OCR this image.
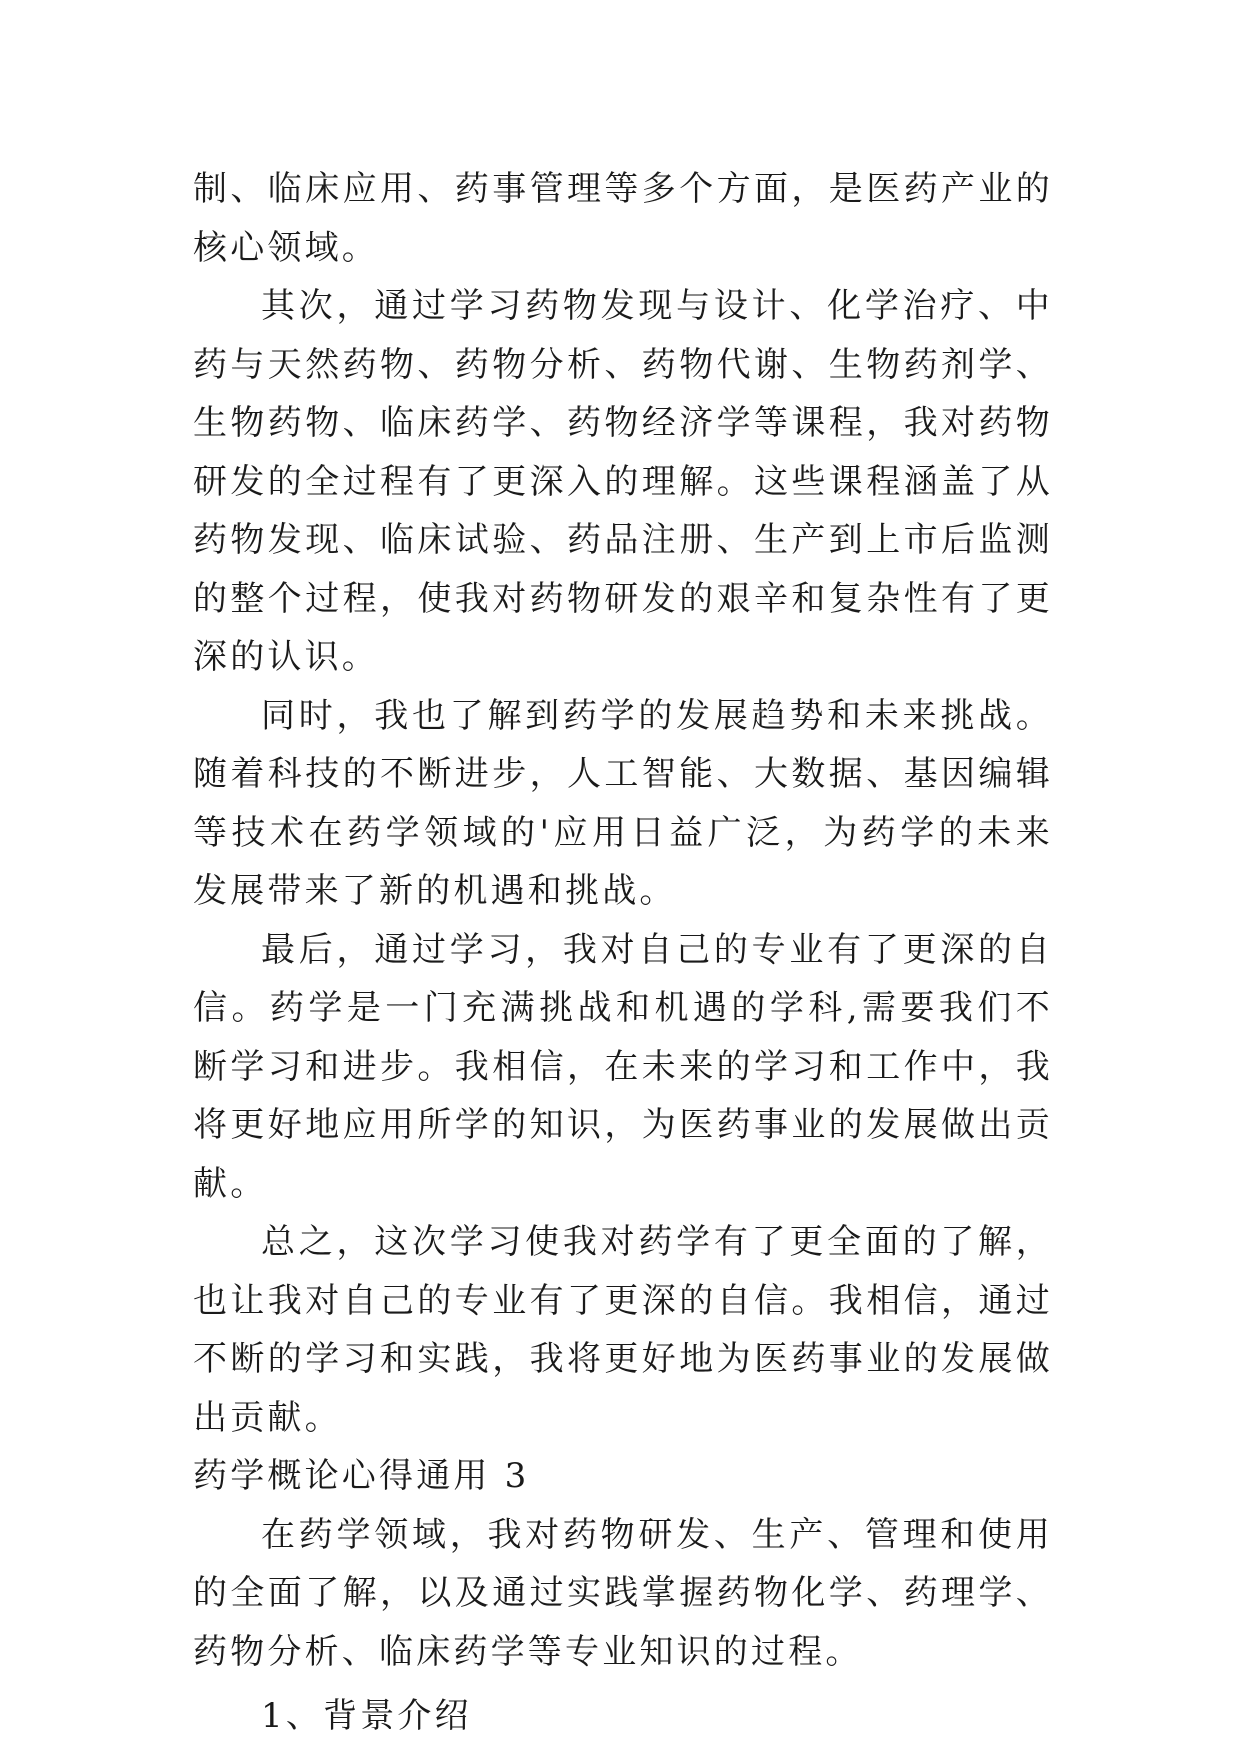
制、临床应用、药事管理等多个方面，是医药产业的核心领域。

其次，通过学习药物发现与设计、化学治疗、中药与天然药物、药物分析、药物代谢、生物药剂学、生物药物、临床药学、药物经济学等课程，我对药物研发的全过程有了更深入的理解。这些课程涵盖了从药物发现、临床试验、药品注册、生产到上市后监测的整个过程，使我对药物研发的艰辛和复杂性有了更深的认识。

同时，我也了解到药学的发展趋势和未来挑战。随着科技的不断进步，人工智能、大数据、基因编辑等技术在药学领域的'应用日益广泛，为药学的未来发展带来了新的机遇和挑战。

最后，通过学习，我对自己的专业有了更深的自信。药学是一门充满挑战和机遇的学科,需要我们不断学习和进步。我相信，在未来的学习和工作中，我将更好地应用所学的知识，为医药事业的发展做出贡献。

总之，这次学习使我对药学有了更全面的了解，也让我对自己的专业有了更深的自信。我相信，通过不断的学习和实践，我将更好地为医药事业的发展做出贡献。

药学概论心得通用 3

在药学领域，我对药物研发、生产、管理和使用的全面了解，以及通过实践掌握药物化学、药理学、药物分析、临床药学等专业知识的过程。

1、背景介绍
